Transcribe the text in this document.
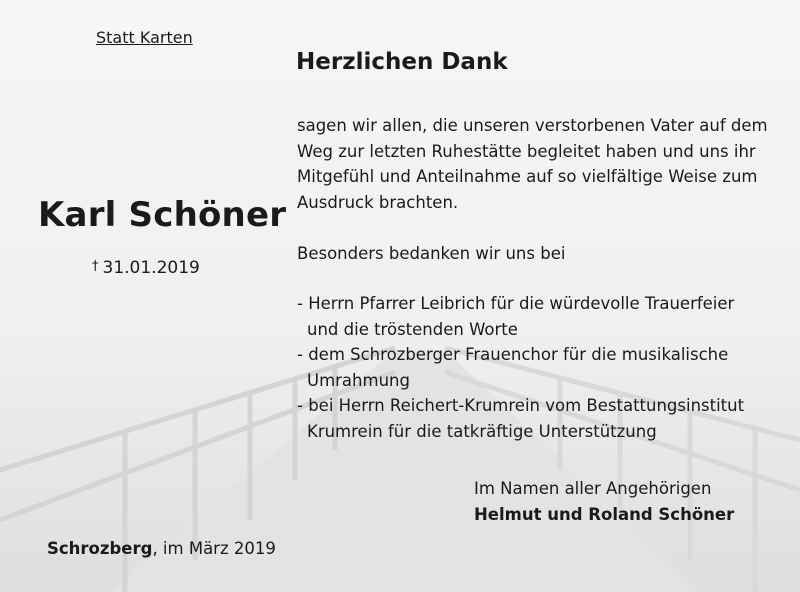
Statt Karten
Herzlichen Dank
Karl Schöner
† 31.01.2019
sagen wir allen, die unseren verstorbenen Vater auf dem
Weg zur letzten Ruhestätte begleitet haben und uns ihr
Mitgefühl und Anteilnahme auf so vielfältige Weise zum
Ausdruck brachten.
Besonders bedanken wir uns bei
- Herrn Pfarrer Leibrich für die würdevolle Trauerfeier
und die tröstenden Worte
- dem Schrozberger Frauenchor für die musikalische
Umrahmung
- bei Herrn Reichert-Krumrein vom Bestattungsinstitut
Krumrein für die tatkräftige Unterstützung
Im Namen aller Angehörigen
Helmut und Roland Schöner
Schrozberg, im März 2019
